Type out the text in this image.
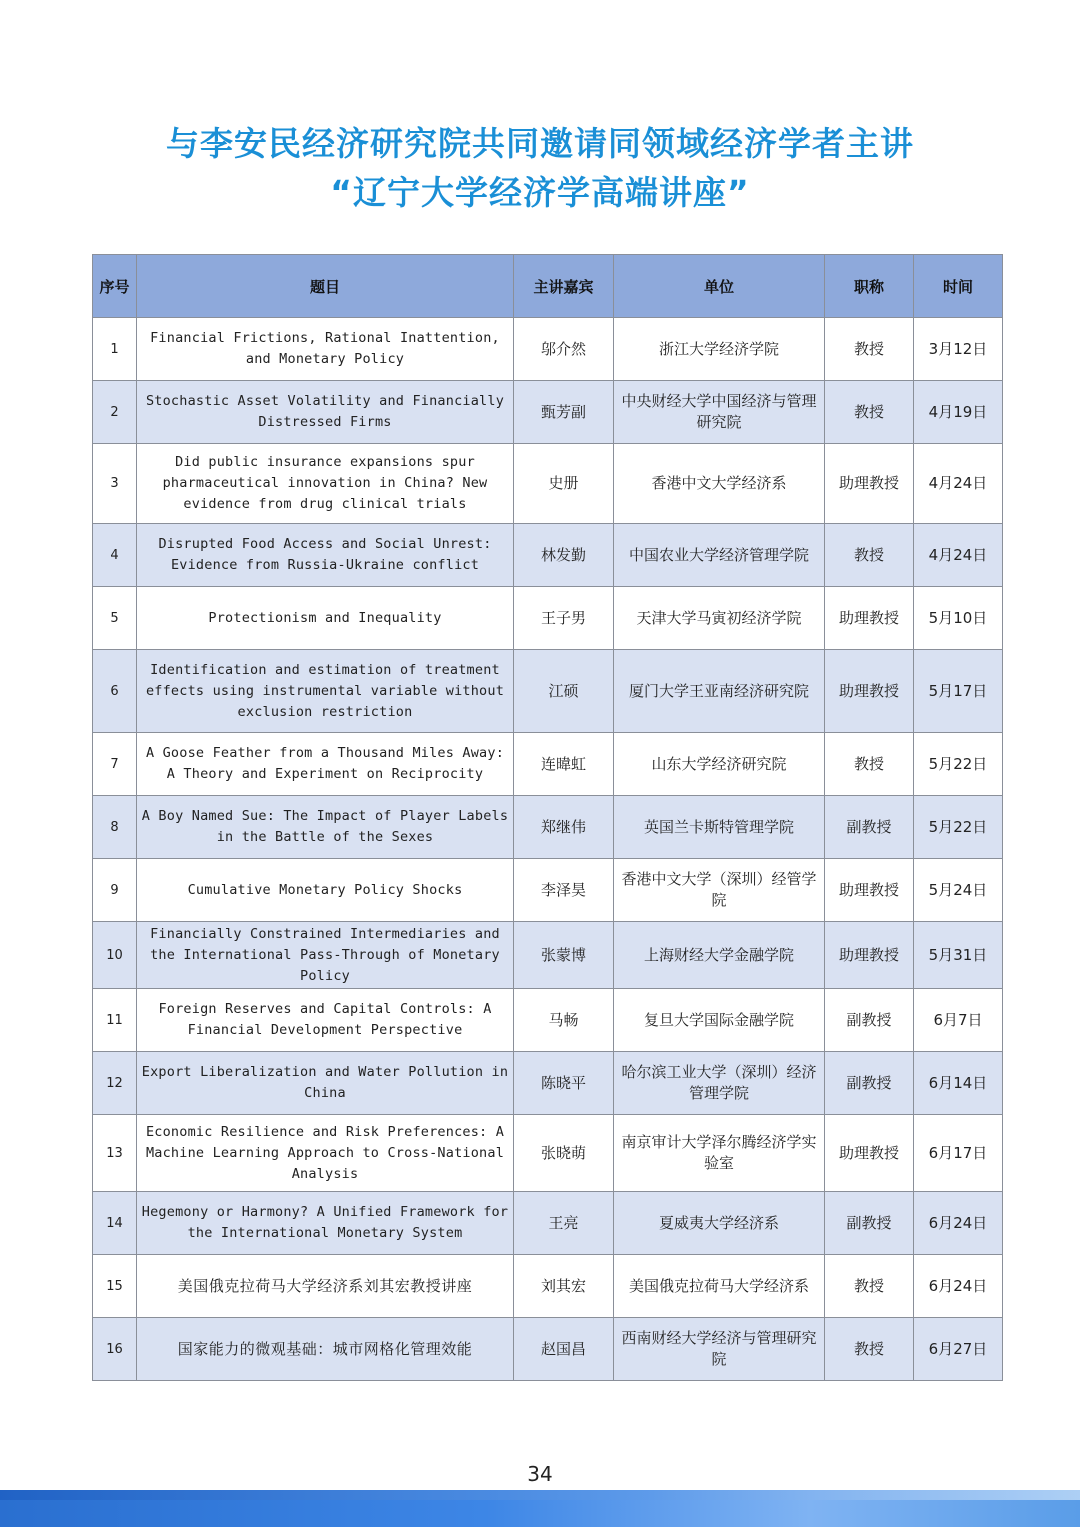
与李安民经济研究院共同邀请同领域经济学者主讲
“辽宁大学经济学高端讲座”
序号	题目	主讲嘉宾	单位	职称	时间
1	Financial Frictions, Rational Inattention, and Monetary Policy	邬介然	浙江大学经济学院	教授	3月12日
2	Stochastic Asset Volatility and Financially Distressed Firms	甄芳副	中央财经大学中国经济与管理研究院	教授	4月19日
3	Did public insurance expansions spur pharmaceutical innovation in China? New evidence from drug clinical trials	史册	香港中文大学经济系	助理教授	4月24日
4	Disrupted Food Access and Social Unrest: Evidence from Russia-Ukraine conflict	林发勤	中国农业大学经济管理学院	教授	4月24日
5	Protectionism and Inequality	王子男	天津大学马寅初经济学院	助理教授	5月10日
6	Identification and estimation of treatment effects using instrumental variable without exclusion restriction	江硕	厦门大学王亚南经济研究院	助理教授	5月17日
7	A Goose Feather from a Thousand Miles Away: A Theory and Experiment on Reciprocity	连暐虹	山东大学经济研究院	教授	5月22日
8	A Boy Named Sue: The Impact of Player Labels in the Battle of the Sexes	郑继伟	英国兰卡斯特管理学院	副教授	5月22日
9	Cumulative Monetary Policy Shocks	李泽昊	香港中文大学（深圳）经管学院	助理教授	5月24日
10	Financially Constrained Intermediaries and the International Pass-Through of Monetary Policy	张蒙博	上海财经大学金融学院	助理教授	5月31日
11	Foreign Reserves and Capital Controls: A Financial Development Perspective	马畅	复旦大学国际金融学院	副教授	6月7日
12	Export Liberalization and Water Pollution in China	陈晓平	哈尔滨工业大学（深圳）经济管理学院	副教授	6月14日
13	Economic Resilience and Risk Preferences: A Machine Learning Approach to Cross-National Analysis	张晓萌	南京审计大学泽尔腾经济学实验室	助理教授	6月17日
14	Hegemony or Harmony? A Unified Framework for the International Monetary System	王亮	夏威夷大学经济系	副教授	6月24日
15	美国俄克拉荷马大学经济系刘其宏教授讲座	刘其宏	美国俄克拉荷马大学经济系	教授	6月24日
16	国家能力的微观基础：城市网格化管理效能	赵国昌	西南财经大学经济与管理研究院	教授	6月27日
34
